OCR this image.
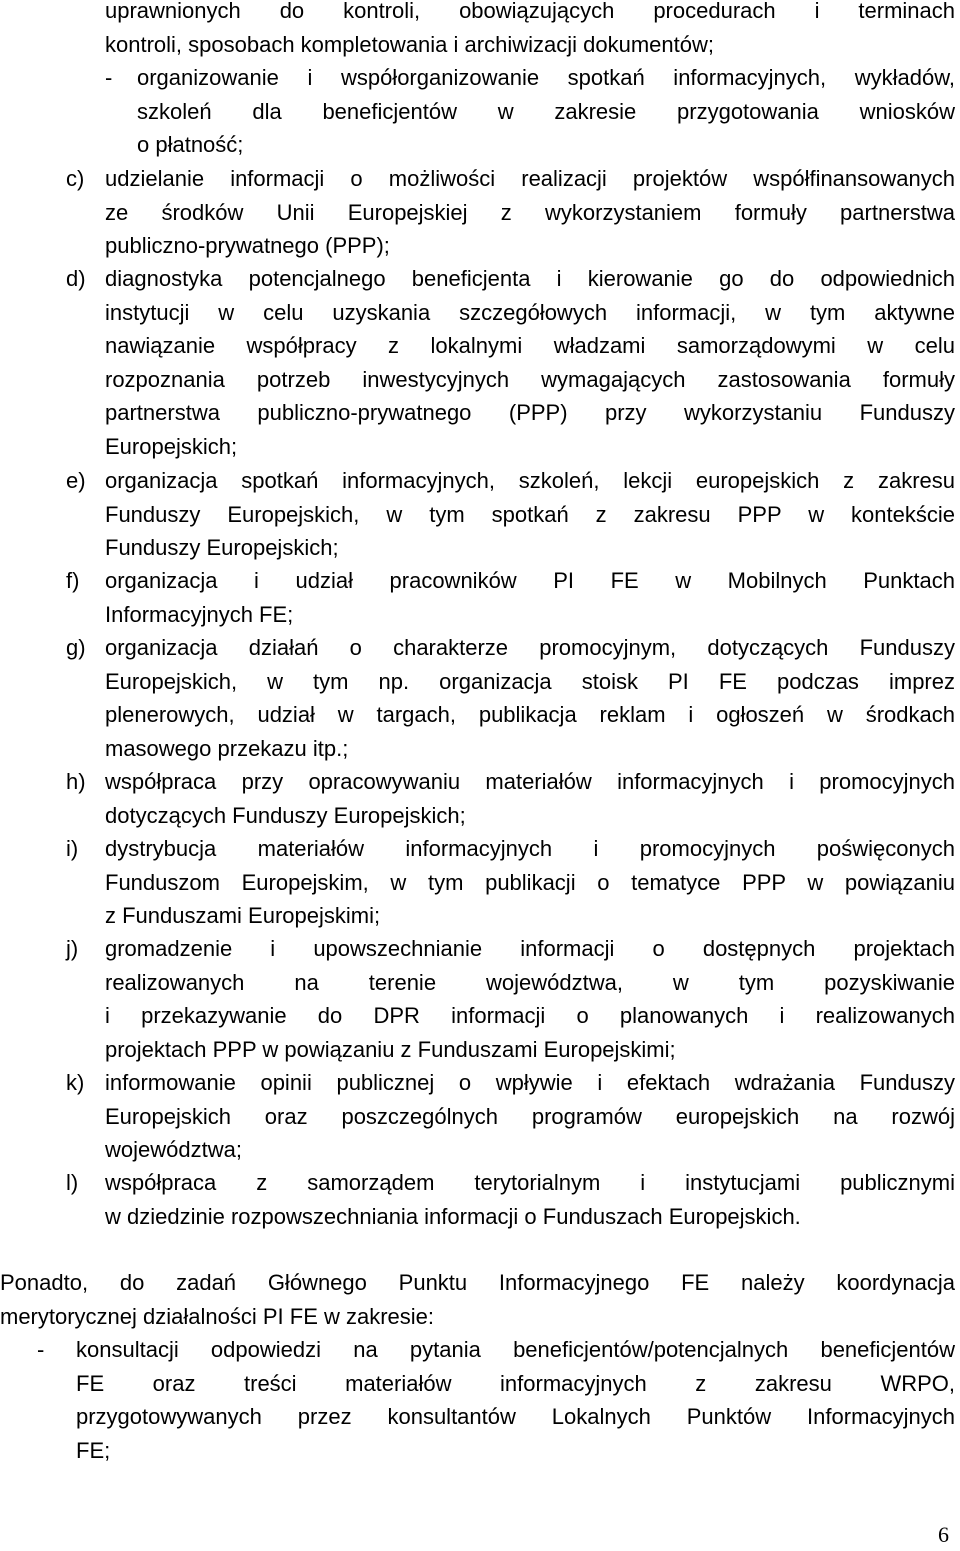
uprawnionych do kontroli, obowiązujących procedurach i terminach
kontroli, sposobach kompletowania i archiwizacji dokumentów;
- organizowanie i współorganizowanie spotkań informacyjnych, wykładów,
szkoleń dla beneficjentów w zakresie przygotowania wniosków
o płatność;
c) udzielanie informacji o możliwości realizacji projektów współfinansowanych
ze środków Unii Europejskiej z wykorzystaniem formuły partnerstwa
publiczno-prywatnego (PPP);
d) diagnostyka potencjalnego beneficjenta i kierowanie go do odpowiednich
instytucji w celu uzyskania szczegółowych informacji, w tym aktywne
nawiązanie współpracy z lokalnymi władzami samorządowymi w celu
rozpoznania potrzeb inwestycyjnych wymagających zastosowania formuły
partnerstwa publiczno-prywatnego (PPP) przy wykorzystaniu Funduszy
Europejskich;
e) organizacja spotkań informacyjnych, szkoleń, lekcji europejskich z zakresu
Funduszy Europejskich, w tym spotkań z zakresu PPP w kontekście
Funduszy Europejskich;
f) organizacja i udział pracowników PI FE w Mobilnych Punktach
Informacyjnych FE;
g) organizacja działań o charakterze promocyjnym, dotyczących Funduszy
Europejskich, w tym np. organizacja stoisk PI FE podczas imprez
plenerowych, udział w targach, publikacja reklam i ogłoszeń w środkach
masowego przekazu itp.;
h) współpraca przy opracowywaniu materiałów informacyjnych i promocyjnych
dotyczących Funduszy Europejskich;
i) dystrybucja materiałów informacyjnych i promocyjnych poświęconych
Funduszom Europejskim, w tym publikacji o tematyce PPP w powiązaniu
z Funduszami Europejskimi;
j) gromadzenie i upowszechnianie informacji o dostępnych projektach
realizowanych na terenie województwa, w tym pozyskiwanie
i przekazywanie do DPR informacji o planowanych i realizowanych
projektach PPP w powiązaniu z Funduszami Europejskimi;
k) informowanie opinii publicznej o wpływie i efektach wdrażania Funduszy
Europejskich oraz poszczególnych programów europejskich na rozwój
województwa;
l) współpraca z samorządem terytorialnym i instytucjami publicznymi
w dziedzinie rozpowszechniania informacji o Funduszach Europejskich.
Ponadto, do zadań Głównego Punktu Informacyjnego FE należy koordynacja
merytorycznej działalności PI FE w zakresie:
- konsultacji odpowiedzi na pytania beneficjentów/potencjalnych beneficjentów
FE oraz treści materiałów informacyjnych z zakresu WRPO,
przygotowywanych przez konsultantów Lokalnych Punktów Informacyjnych
FE;
6
